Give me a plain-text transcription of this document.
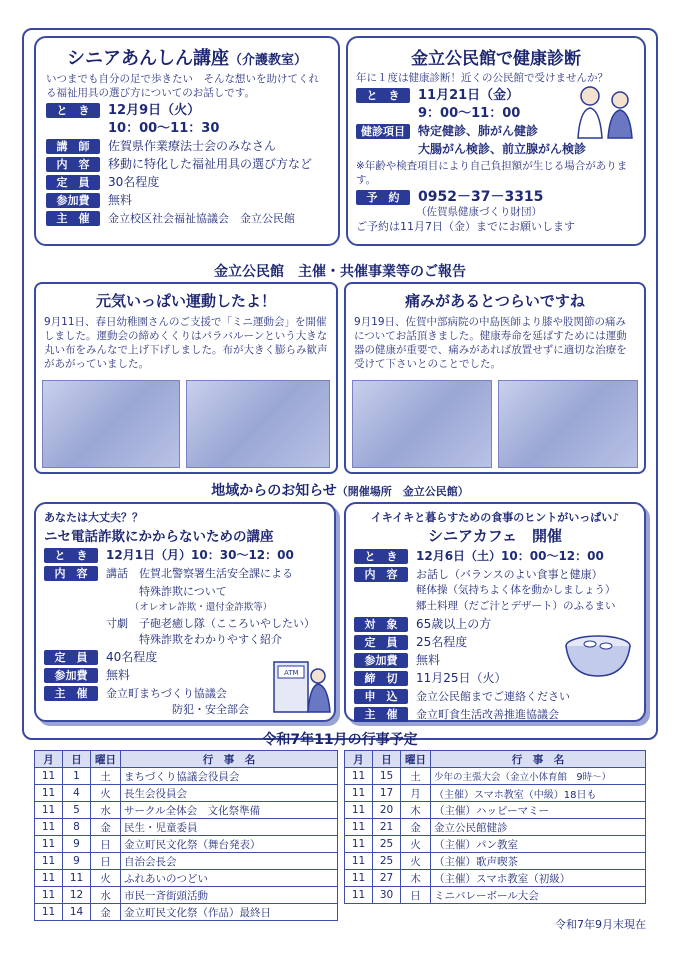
シニアあんしん講座（介護教室）
いつまでも自分の足で歩きたい　そんな想いを助けてくれる福祉用具の選び方についてのお話しです。
と　き	12月9日（火）
10：00～11：30
講　師	佐賀県作業療法士会のみなさん
内　容	移動に特化した福祉用具の選び方など
定　員	30名程度
参加費	無料
主　催	金立校区社会福祉協議会　金立公民館
金立公民館で健康診断
年に１度は健康診断！近くの公民館で受けませんか？
と　き	11月21日（金）
9：00～11：00
健診項目	特定健診、肺がん健診
大腸がん検診、前立腺がん検診
※年齢や検査項目により自己負担額が生じる場合があります。
予　約	0952－37－3315
（佐賀県健康づくり財団）
ご予約は11月7日（金）までにお願いします
金立公民館　主催・共催事業等のご報告
元気いっぱい運動したよ！
9月11日、春日幼稚園さんのご支援で「ミニ運動会」を開催しました。運動会の締めくくりはパラバルーンという大きな丸い布をみんなで上げ下げしました。布が大きく膨らみ歓声があがっていました。
痛みがあるとつらいですね
9月19日、佐賀中部病院の中島医師より膝や股関節の痛みについてお話頂きました。健康寿命を延ばすためには運動器の健康が重要で、痛みがあれば放置せずに適切な治療を受けて下さいとのことでした。
地域からのお知らせ（開催場所　金立公民館）
あなたは大丈夫？？
ニセ電話詐欺にかからないための講座
と　き	12月1日（月）10：30～12：00
内　容	講話　佐賀北警察署生活安全課による
　　　特殊詐欺について
　　　（オレオレ詐欺・還付金詐欺等）
寸劇　子砲老癒し隊（こころいやしたい）
　　　特殊詐欺をわかりやすく紹介
定　員	40名程度
参加費	無料
主　催	金立町まちづくり協議会
防犯・安全部会
ATM
イキイキと暮らすための食事のヒントがいっぱい♪
シニアカフェ　開催
と　き	12月6日（土）10：00～12：00
内　容	お話し（バランスのよい食事と健康）
軽体操（気持ちよく体を動かしましょう）
郷土料理（だご汁とデザート）のふるまい
対　象	65歳以上の方
定　員	25名程度
参加費	無料
締　切	11月25日（火）
申　込	金立公民館までご連絡ください
主　催	金立町食生活改善推進協議会
令和7年11月の行事予定
月	日	曜日	行　事　名
11	1	土	まちづくり協議会役員会
11	4	火	長生会役員会
11	5	水	サークル全体会　文化祭準備
11	8	金	民生・児童委員
11	9	日	金立町民文化祭（舞台発表）
11	9	日	自治会長会
11	11	火	ふれあいのつどい
11	12	水	市民一斉街頭活動
11	14	金	金立町民文化祭（作品）最終日
月	日	曜日	行　事　名
11	15	土	少年の主張大会（金立小体育館　9時～）
11	17	月	（主催）スマホ教室（中級）18日も
11	20	木	（主催）ハッピーマミー
11	21	金	金立公民館健診
11	25	火	（主催）パン教室
11	25	火	（主催）歌声喫茶
11	27	木	（主催）スマホ教室（初級）
11	30	日	ミニバレーボール大会
令和7年9月末現在
